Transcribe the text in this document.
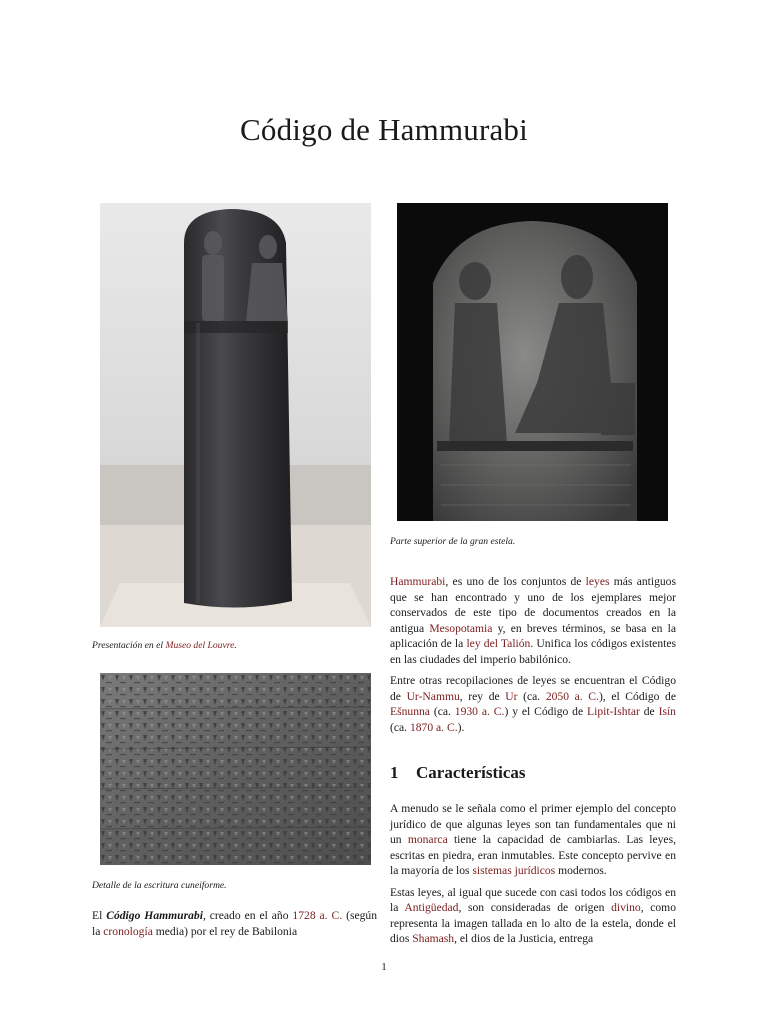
Código de Hammurabi
Presentación en el Museo del Louvre.
Parte superior de la gran estela.
Detalle de la escritura cuneiforme.
El Código Hammurabi, creado en el año 1728 a. C. (según la cronología media) por el rey de Babilonia

Hammurabi, es uno de los conjuntos de leyes más antiguos que se han encontrado y uno de los ejemplares mejor conservados de este tipo de documentos creados en la antigua Mesopotamia y, en breves términos, se basa en la aplicación de la ley del Talión. Unifica los códigos existentes en las ciudades del imperio babilónico.

Entre otras recopilaciones de leyes se encuentran el Código de Ur-Nammu, rey de Ur (ca. 2050 a. C.), el Código de Ešnunna (ca. 1930 a. C.) y el Código de Lipit-Ishtar de Isín (ca. 1870 a. C.).

1 Características

A menudo se le señala como el primer ejemplo del concepto jurídico de que algunas leyes son tan fundamentales que ni un monarca tiene la capacidad de cambiarlas. Las leyes, escritas en piedra, eran inmutables. Este concepto pervive en la mayoría de los sistemas jurídicos modernos.

Estas leyes, al igual que sucede con casi todos los códigos en la Antigüedad, son consideradas de origen divino, como representa la imagen tallada en lo alto de la estela, donde el dios Shamash, el dios de la Justicia, entrega

1
